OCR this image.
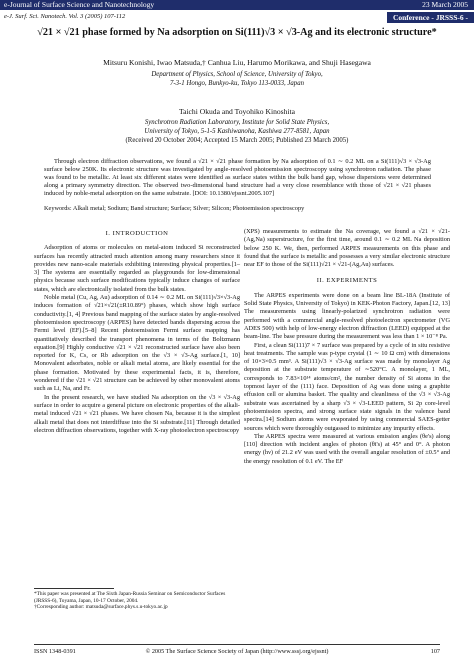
e-Journal of Surface Science and Nanotechnology	23 March 2005
e-J. Surf. Sci. Nanotech. Vol. 3 (2005) 107-112	Conference - JRSSS-6 -
√21 × √21 phase formed by Na adsorption on Si(111)√3 × √3-Ag and its electronic structure*
Mitsuru Konishi, Iwao Matsuda,† Canhua Liu, Harumo Morikawa, and Shuji Hasegawa
Department of Physics, School of Science, University of Tokyo,
7-3-1 Hongo, Bunkyo-ku, Tokyo 113-0033, Japan
Taichi Okuda and Toyohiko Kinoshita
Synchrotron Radiation Laboratory, Institute for Solid State Physics,
University of Tokyo, 5-1-5 Kashiwanoha, Kashiwa 277-8581, Japan
(Received 20 October 2004; Accepted 15 March 2005; Published 23 March 2005)
Through electron diffraction observations, we found a √21 × √21 phase formation by Na adsorption of 0.1 ∼ 0.2 ML on a Si(111)√3 × √3-Ag surface below 250K. Its electronic structure was investigated by angle-resolved photoemission spectroscopy using synchrotron radiation. The phase was found to be metallic. At least six different states were identified as surface states within the bulk band gap, whose dispersions were determined along a primary symmetry direction. The observed two-dimensional band structure had a very close resemblance with those of √21 × √21 phases induced by noble-metal adsorption on the same substrate. [DOI: 10.1380/ejssnt.2005.107]
Keywords: Alkali metal; Sodium; Band structure; Surface; Silver; Silicon; Photoemission spectroscopy
I. INTRODUCTION

Adsorption of atoms or molecules on metal-atom induced Si reconstructed surfaces has recently attracted much attention among many researchers since it provides new nano-scale materials exhibiting interesting physical properties.[1–3] The systems are essentially regarded as playgrounds for low-dimensional physics because such surface modifications typically induce changes of surface states, which are electronically isolated from the bulk states.

Noble metal (Cu, Ag, Au) adsorption of 0.14 ∼ 0.2 ML on Si(111)√3×√3-Ag induces formation of √21×√21(±R10.89°) phases, which show high surface conductivity.[1, 4] Previous band mapping of the surface states by angle-resolved photoemission spectroscopy (ARPES) have detected bands dispersing across the Fermi level (EF).[5–8] Recent photoemission Fermi surface mapping has quantitatively described the transport phenomena in terms of the Boltzmann equation.[9] Highly conductive √21 × √21 reconstructed surface have also been reported for K, Cs, or Rb adsorption on the √3 × √3-Ag surface.[1, 10] Monovalent adsorbates, noble or alkali metal atoms, are likely essential for the phase formation. Motivated by these experimental facts, it is, therefore, wondered if the √21 × √21 structure can be achieved by other monovalent atoms such as Li, Na, and Fr.

In the present research, we have studied Na adsorption on the √3 × √3-Ag surface in order to acquire a general picture on electronic properties of the alkali-metal induced √21 × √21 phases. We have chosen Na, because it is the simplest alkali metal that does not interdiffuse into the Si substrate.[11] Through detailed electron diffraction observations, together with X-ray photoelectron spectroscopy

(XPS) measurements to estimate the Na coverage, we found a √21 × √21-(Ag,Na) superstructure, for the first time, around 0.1 ∼ 0.2 ML Na deposition below 250 K. We, then, performed ARPES measurements on this phase and found that the surface is metallic and possesses a very similar electronic structure near EF to those of the Si(111)√21 × √21-(Ag,Au) surfaces.

II. EXPERIMENTS

The ARPES experiments were done on a beam line BL-18A (Institute of Solid State Physics, University of Tokyo) in KEK-Photon Factory, Japan.[12, 13] The measurements using linearly-polarized synchrotron radiation were performed with a commercial angle-resolved photoelectron spectrometer (VG ADES 500) with help of low-energy electron diffraction (LEED) equipped at the beam-line. The base pressure during the measurement was less than 1 × 10⁻⁸ Pa.

First, a clean Si(111)7 × 7 surface was prepared by a cycle of in situ resistive heat treatments. The sample was p-type crystal (1 ∼ 10 Ω cm) with dimensions of 10×3×0.5 mm³. A Si(111)√3 × √3-Ag surface was made by monolayer Ag deposition at the substrate temperature of ∼520°C. A monolayer, 1 ML, corresponds to 7.83×10¹⁴ atoms/cm², the number density of Si atoms in the topmost layer of the (111) face. Deposition of Ag was done using a graphite effusion cell or alumina basket. The quality and cleanliness of the √3 × √3-Ag substrate was ascertained by a sharp √3 × √3-LEED pattern, Si 2p core-level photoemission spectra, and strong surface state signals in the valence band spectra.[14] Sodium atoms were evaporated by using commercial SAES-getter sources which were thoroughly outgassed to minimize any impurity effects.

The ARPES spectra were measured at various emission angles (θe's) along [110] direction with incident angles of photon (θi's) at 45° and 0°. A photon energy (hν) of 21.2 eV was used with the overall angular resolution of ±0.5° and the energy resolution of 0.1 eV. The EF

*This paper was presented at The Sixth Japan-Russia Seminar on Semiconductor Surfaces (JRSSS-6), Toyama, Japan, 10-17 October, 2004.
†Corresponding author: matsuda@surface.phys.s.u-tokyo.ac.jp
ISSN 1348-0391	© 2005 The Surface Science Society of Japan (http://www.sssj.org/ejssnt)	107
